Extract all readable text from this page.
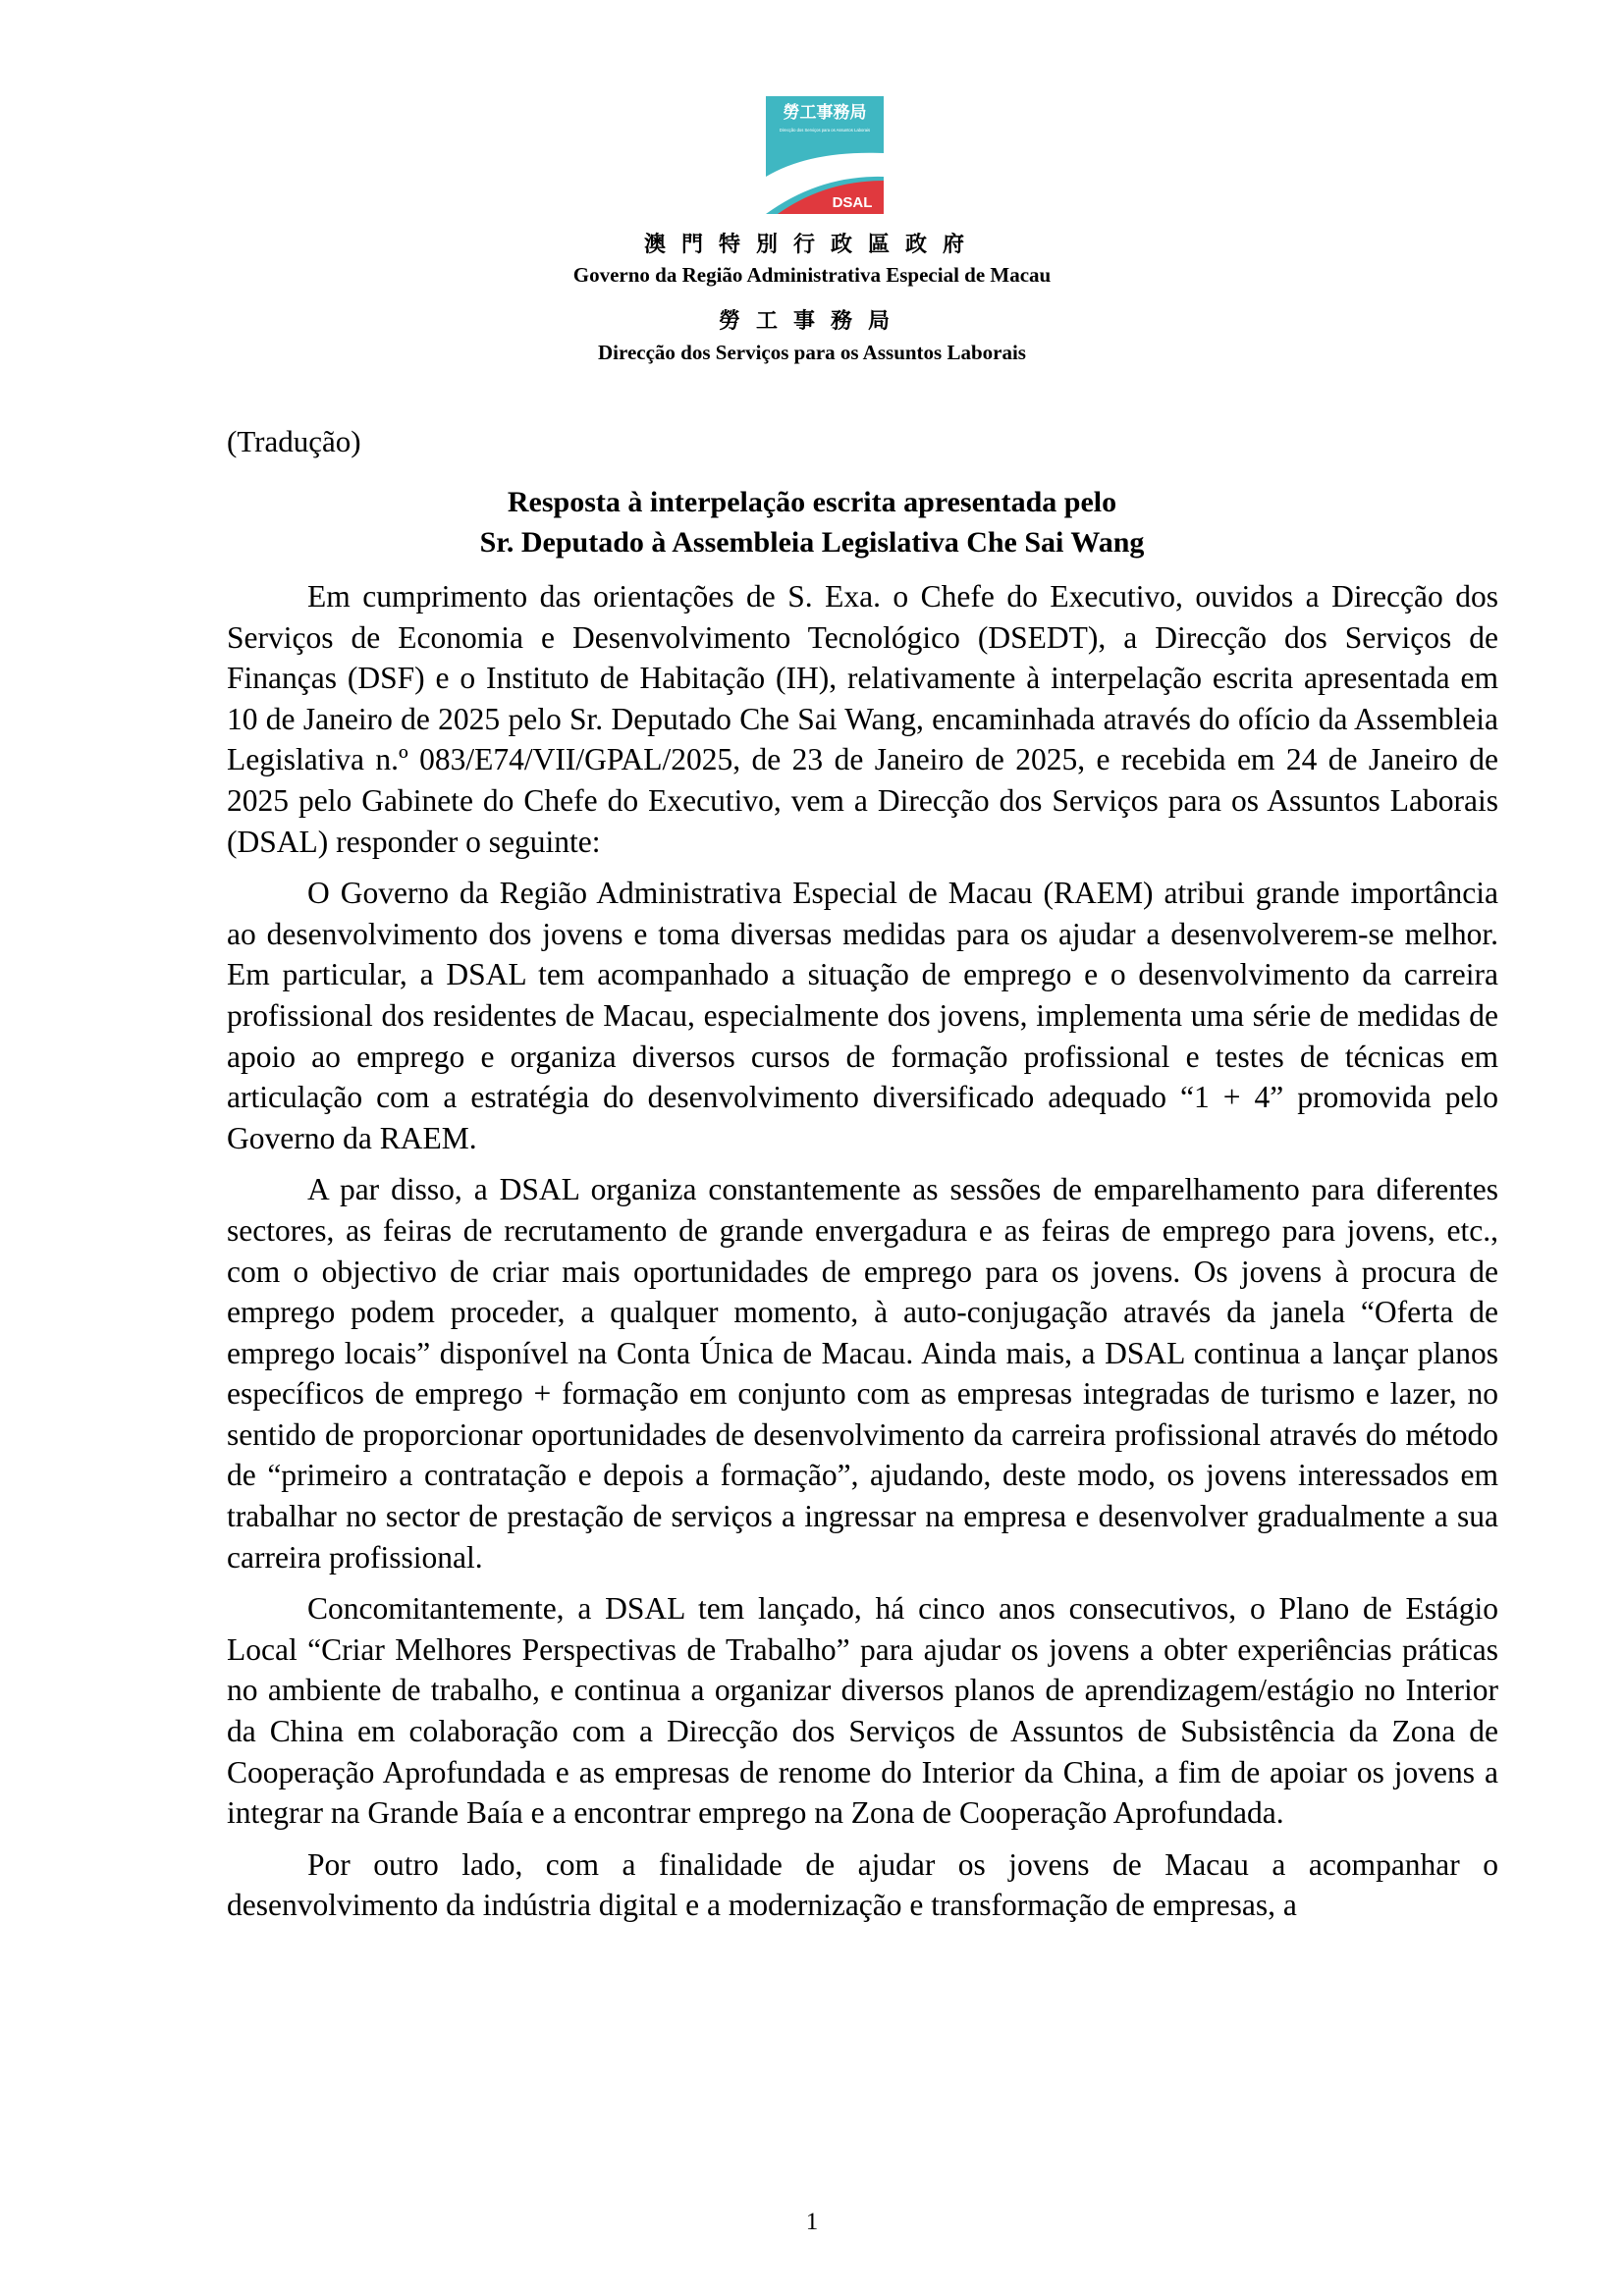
勞工事務局
Direcção dos Serviços para os Assuntos Laborais
DSAL
澳門特別行政區政府
Governo da Região Administrativa Especial de Macau
勞工事務局
Direcção dos Serviços para os Assuntos Laborais
(Tradução)
Resposta à interpelação escrita apresentada pelo
Sr. Deputado à Assembleia Legislativa Che Sai Wang

Em cumprimento das orientações de S. Exa. o Chefe do Executivo, ouvidos a Direcção dos Serviços de Economia e Desenvolvimento Tecnológico (DSEDT), a Direcção dos Serviços de Finanças (DSF) e o Instituto de Habitação (IH), relativamente à interpelação escrita apresentada em 10 de Janeiro de 2025 pelo Sr. Deputado Che Sai Wang, encaminhada através do ofício da Assembleia Legislativa n.º 083/E74/VII/GPAL/2025, de 23 de Janeiro de 2025, e recebida em 24 de Janeiro de 2025 pelo Gabinete do Chefe do Executivo, vem a Direcção dos Serviços para os Assuntos Laborais (DSAL) responder o seguinte:

O Governo da Região Administrativa Especial de Macau (RAEM) atribui grande importância ao desenvolvimento dos jovens e toma diversas medidas para os ajudar a desenvolverem-se melhor. Em particular, a DSAL tem acompanhado a situação de emprego e o desenvolvimento da carreira profissional dos residentes de Macau, especialmente dos jovens, implementa uma série de medidas de apoio ao emprego e organiza diversos cursos de formação profissional e testes de técnicas em articulação com a estratégia do desenvolvimento diversificado adequado “1 + 4” promovida pelo Governo da RAEM.

A par disso, a DSAL organiza constantemente as sessões de emparelhamento para diferentes sectores, as feiras de recrutamento de grande envergadura e as feiras de emprego para jovens, etc., com o objectivo de criar mais oportunidades de emprego para os jovens. Os jovens à procura de emprego podem proceder, a qualquer momento, à auto-conjugação através da janela “Oferta de emprego locais” disponível na Conta Única de Macau. Ainda mais, a DSAL continua a lançar planos específicos de emprego + formação em conjunto com as empresas integradas de turismo e lazer, no sentido de proporcionar oportunidades de desenvolvimento da carreira profissional através do método de “primeiro a contratação e depois a formação”, ajudando, deste modo, os jovens interessados em trabalhar no sector de prestação de serviços a ingressar na empresa e desenvolver gradualmente a sua carreira profissional.

Concomitantemente, a DSAL tem lançado, há cinco anos consecutivos, o Plano de Estágio Local “Criar Melhores Perspectivas de Trabalho” para ajudar os jovens a obter experiências práticas no ambiente de trabalho, e continua a organizar diversos planos de aprendizagem/estágio no Interior da China em colaboração com a Direcção dos Serviços de Assuntos de Subsistência da Zona de Cooperação Aprofundada e as empresas de renome do Interior da China, a fim de apoiar os jovens a integrar na Grande Baía e a encontrar emprego na Zona de Cooperação Aprofundada.

Por outro lado, com a finalidade de ajudar os jovens de Macau a acompanhar o desenvolvimento da indústria digital e a modernização e transformação de empresas, a

1
